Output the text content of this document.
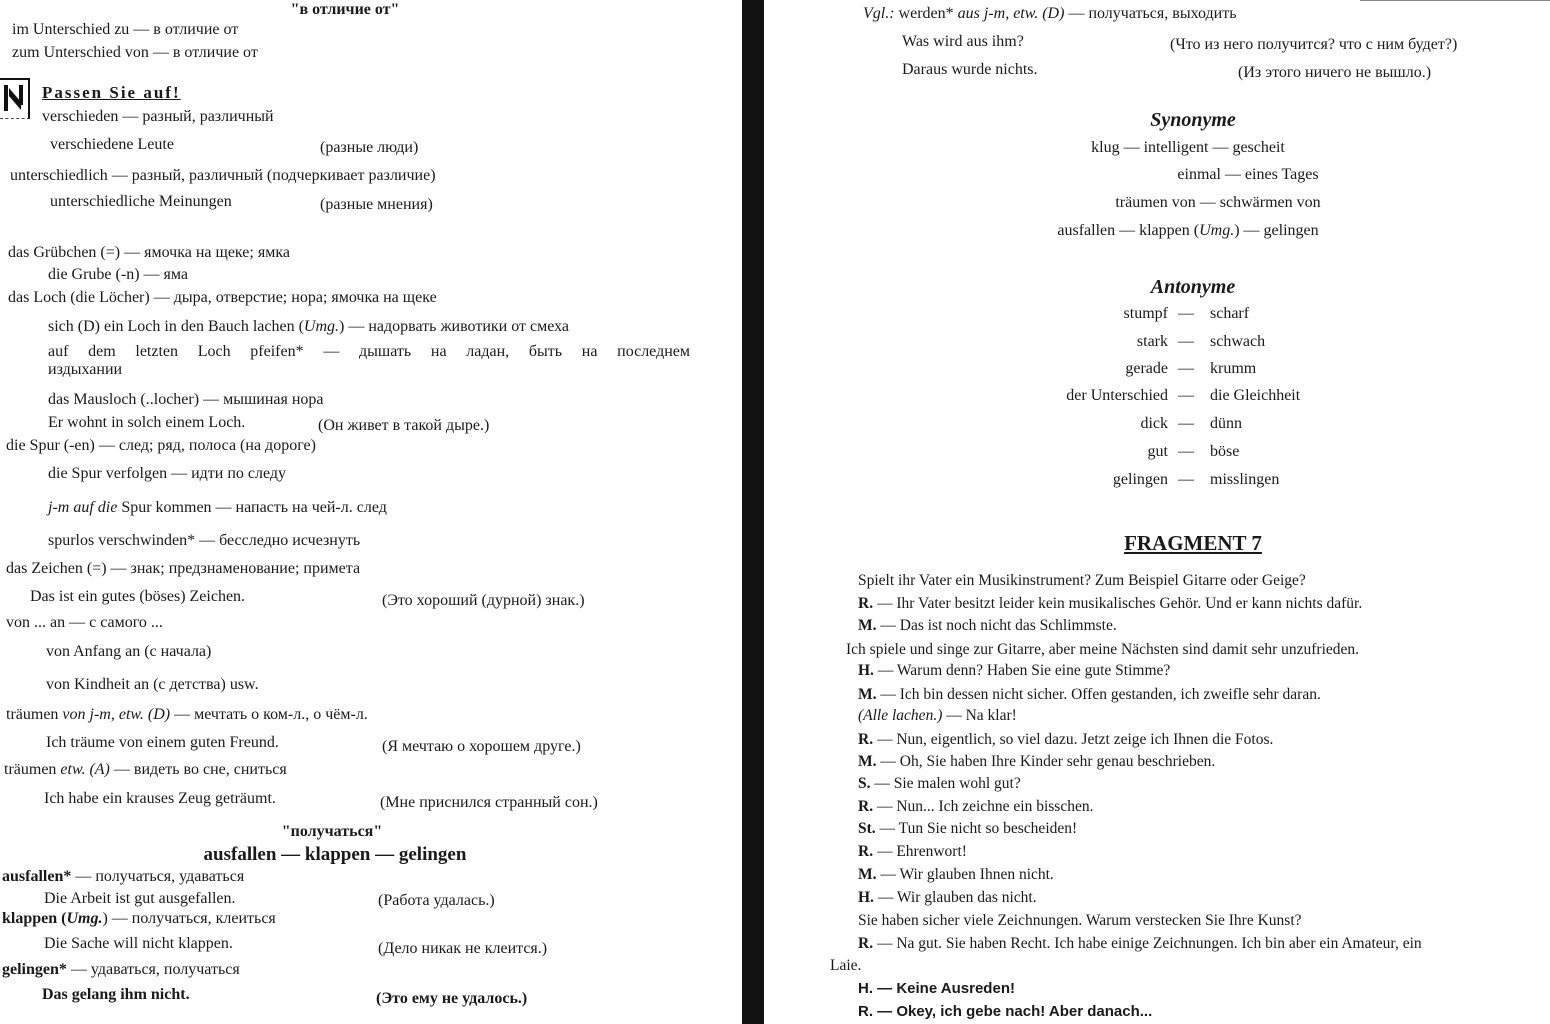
"в отличие от"
im Unterschied zu — в отличие от
zum Unterschied von — в отличие от
Passen Sie auf!
verschieden — разный, различный
verschiedene Leute	(разные люди)
unterschiedlich — разный, различный (подчеркивает различие)
unterschiedliche Meinungen	(разные мнения)
das Grübchen (=) — ямочка на щеке; ямка
die Grube (-n) — яма
das Loch (die Löcher) — дыра, отверстие; нора; ямочка на щеке
sich (D) ein Loch in den Bauch lachen (Umg.) — надорвать животики от смеха
auf dem letzten Loch pfeifen* — дышать на ладан, быть на последнем
издыхании
das Mausloch (..locher) — мышиная нора
Er wohnt in solch einem Loch.	(Он живет в такой дыре.)
die Spur (-en) — след; ряд, полоса (на дороге)
die Spur verfolgen — идти по следу
j-m auf die Spur kommen — напасть на чей-л. след
spurlos verschwinden* — бесследно исчезнуть
das Zeichen (=) — знак; предзнаменование; примета
Das ist ein gutes (böses) Zeichen.	(Это хороший (дурной) знак.)
von ... an — с самого ...
von Anfang an (с начала)
von Kindheit an (с детства) usw.
träumen von j-m, etw. (D) — мечтать о ком-л., о чём-л.
Ich träume von einem guten Freund.	(Я мечтаю о хорошем друге.)
träumen etw. (A) — видеть во сне, сниться
Ich habe ein krauses Zeug geträumt.	(Мне приснился странный сон.)
"получаться"
ausfallen — klappen — gelingen
ausfallen* — получаться, удаваться
Die Arbeit ist gut ausgefallen.	(Работа удалась.)
klappen (Umg.) — получаться, клеиться
Die Sache will nicht klappen.	(Дело никак не клеится.)
gelingen* — удаваться, получаться
Das gelang ihm nicht.	(Это ему не удалось.)
Vgl.: werden* aus j-m, etw. (D) — получаться, выходить
Was wird aus ihm?	(Что из него получится? что с ним будет?)
Daraus wurde nichts.	(Из этого ничего не вышло.)
Synonyme
klug — intelligent — gescheit
einmal — eines Tages
träumen von — schwärmen von
ausfallen — klappen (Umg.) — gelingen
Antonyme
stumpf — scharf
stark — schwach
gerade — krumm
der Unterschied — die Gleichheit
dick — dünn
gut — böse
gelingen — misslingen
FRAGMENT 7
Spielt ihr Vater ein Musikinstrument? Zum Beispiel Gitarre oder Geige?
R. — Ihr Vater besitzt leider kein musikalisches Gehör. Und er kann nichts dafür.
M. — Das ist noch nicht das Schlimmste.
Ich spiele und singe zur Gitarre, aber meine Nächsten sind damit sehr unzufrieden.
H. — Warum denn? Haben Sie eine gute Stimme?
M. — Ich bin dessen nicht sicher. Offen gestanden, ich zweifle sehr daran.
(Alle lachen.) — Na klar!
R. — Nun, eigentlich, so viel dazu. Jetzt zeige ich Ihnen die Fotos.
M. — Oh, Sie haben Ihre Kinder sehr genau beschrieben.
S. — Sie malen wohl gut?
R. — Nun... Ich zeichne ein bisschen.
St. — Tun Sie nicht so bescheiden!
R. — Ehrenwort!
M. — Wir glauben Ihnen nicht.
H. — Wir glauben das nicht.
Sie haben sicher viele Zeichnungen. Warum verstecken Sie Ihre Kunst?
R. — Na gut. Sie haben Recht. Ich habe einige Zeichnungen. Ich bin aber ein Amateur, ein
Laie.
H. — Keine Ausreden!
R. — Okey, ich gebe nach! Aber danach...
